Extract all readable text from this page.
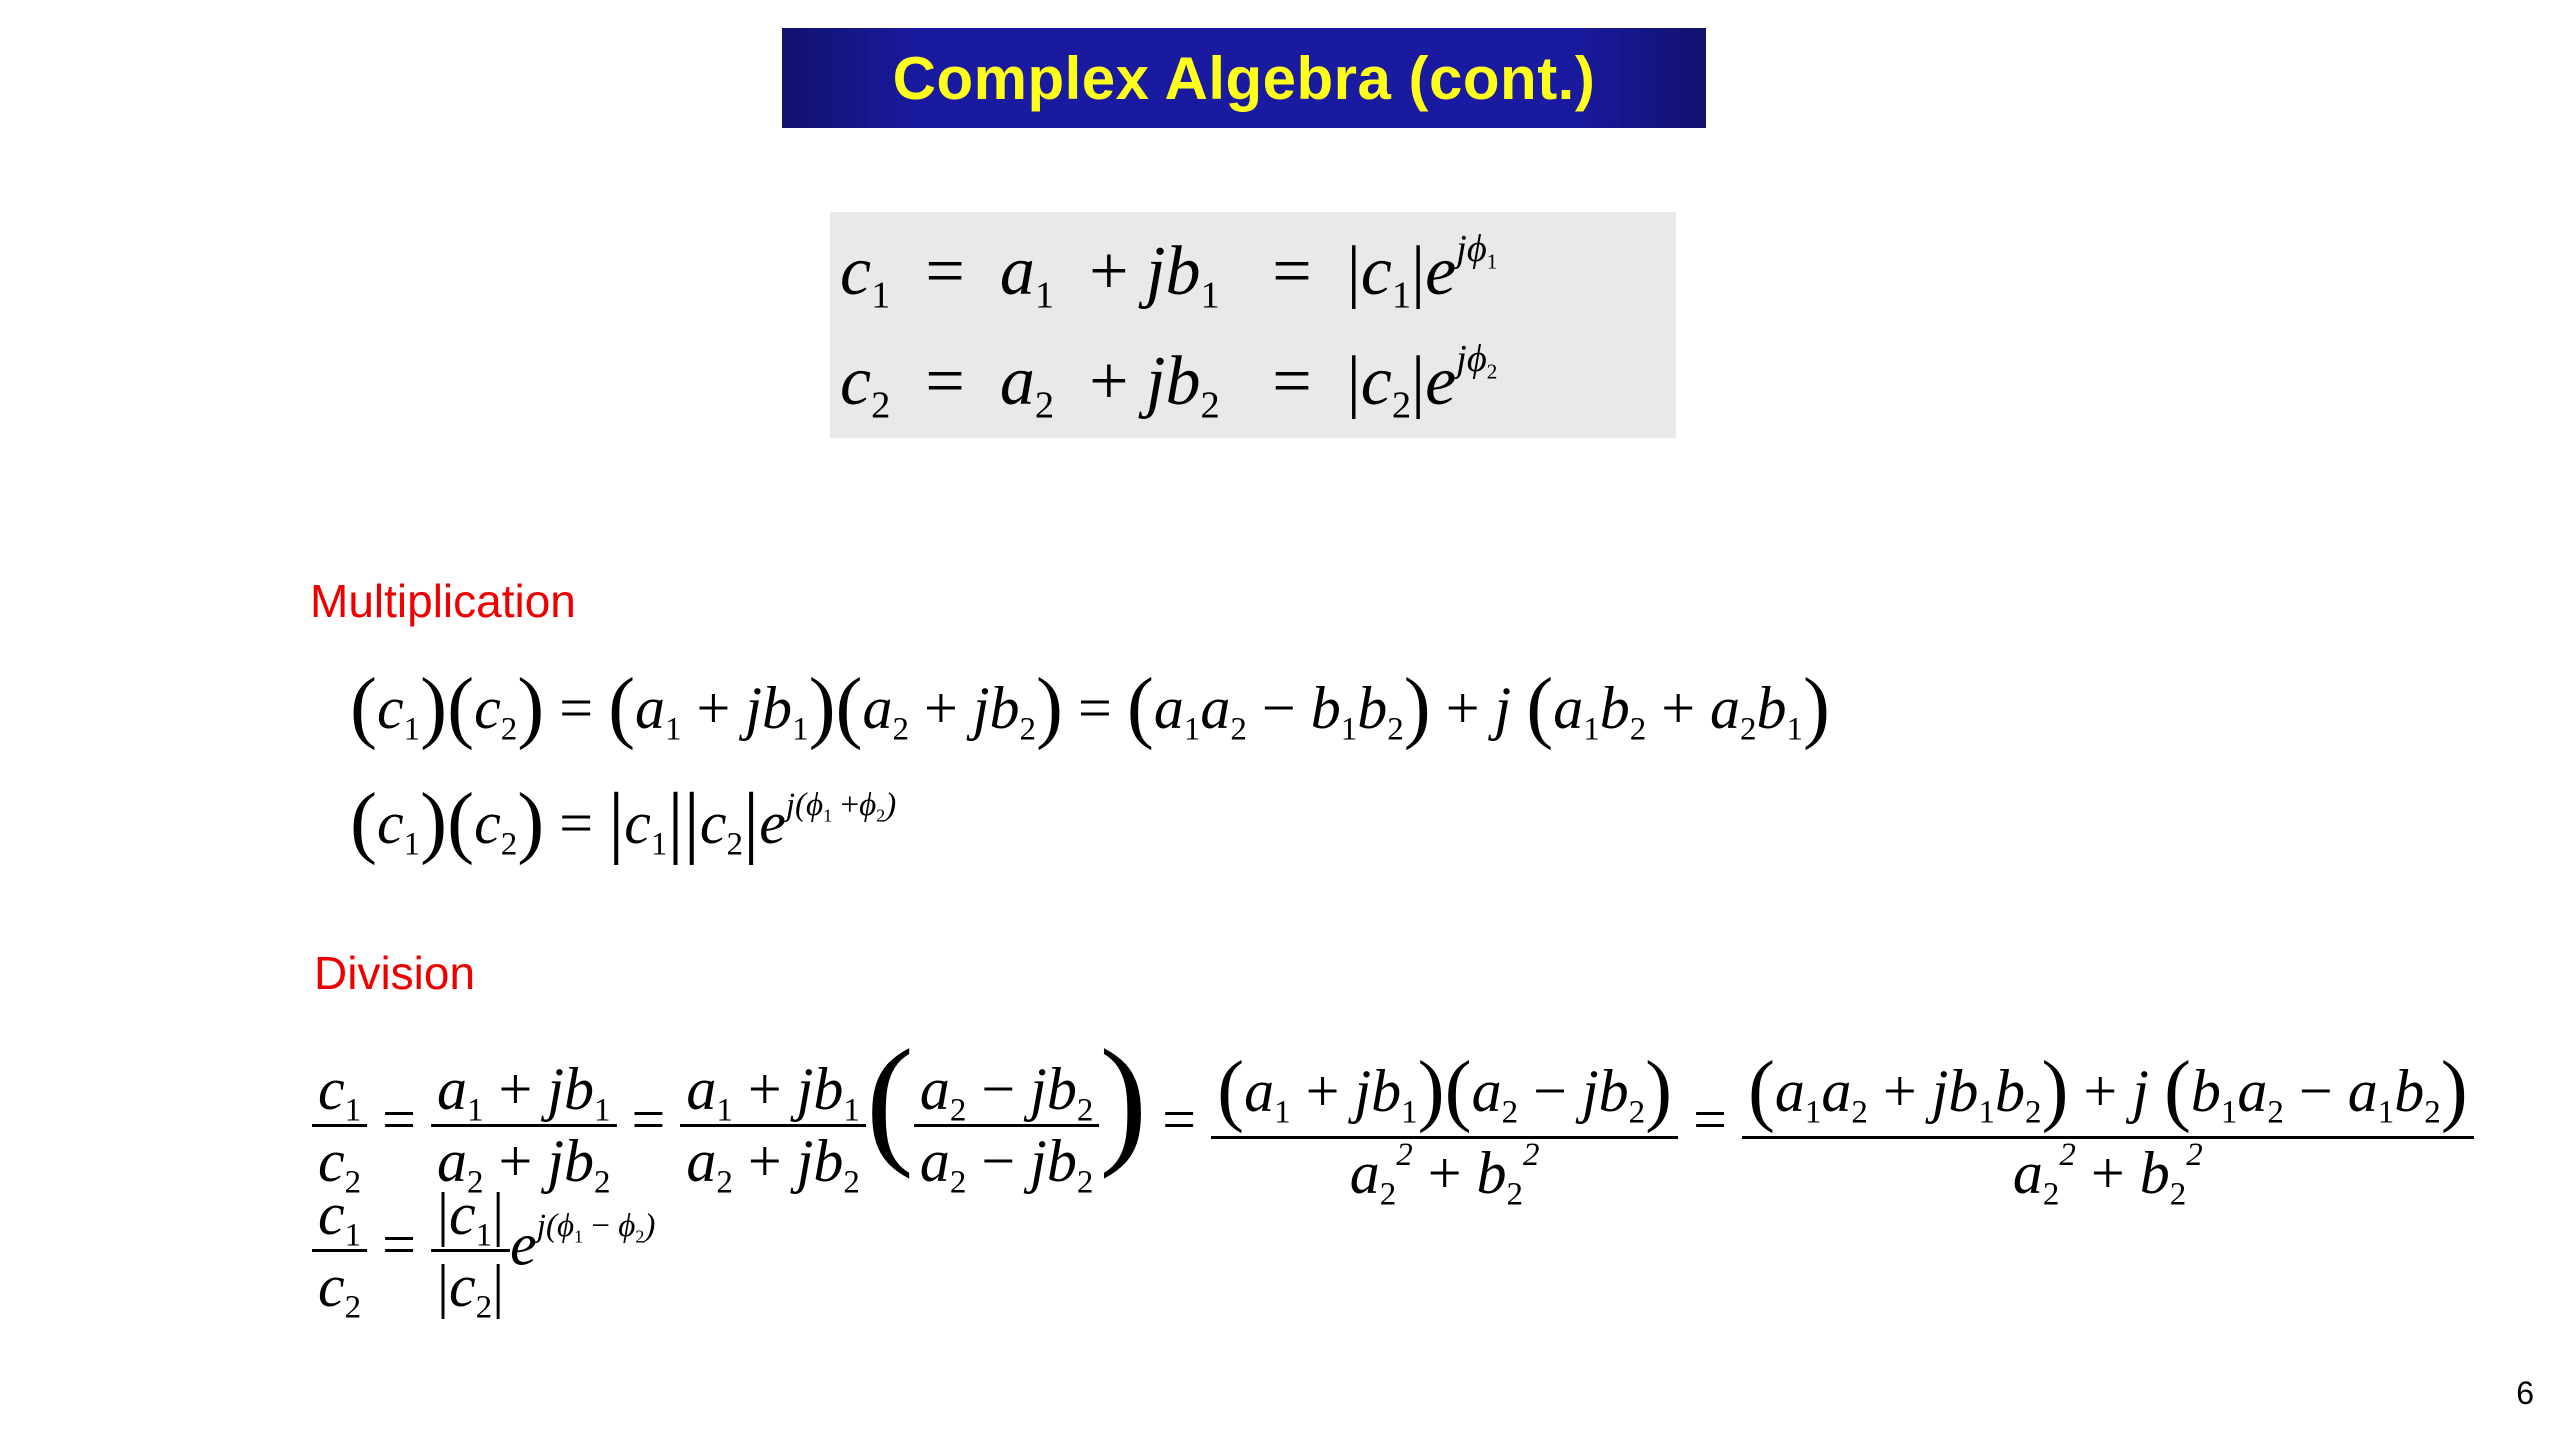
Complex Algebra (cont.)
$c_1 = a_1 + jb_1 = |c_1|e^{j\phi_1}$
$c_2 = a_2 + jb_2 = |c_2|e^{j\phi_2}$
Multiplication
$(c_1)(c_2) = (a_1 + jb_1)(a_2 + jb_2) = (a_1a_2 - b_1b_2) + j$ $(a_1b_2 + a_2b_1)$
$(c_1)(c_2) = |c_1||c_2|e^{j(\phi_1 +\phi_2)}$
Division
$\frac{c_1}{c_2} = \frac{a_1 + jb_1}{a_2 + jb_2} = \frac{a_1 + jb_1}{a_2 + jb_2}$ ( $\frac{a_2 - jb_2}{a_2 - jb_2}$ ) = $\frac{(a_1 + jb_1)(a_2 - jb_2)}{a_2^2 + b_2^2} = \frac{(a_1a_2 + jb_1b_2) + j (b_1a_2 - a_1b_2)}{a_2^2 + b_2^2}$
$\frac{c_1}{c_2} = \frac{|c_1|}{|c_2|} e^{j(\phi_1 - \phi_2)}$
6
